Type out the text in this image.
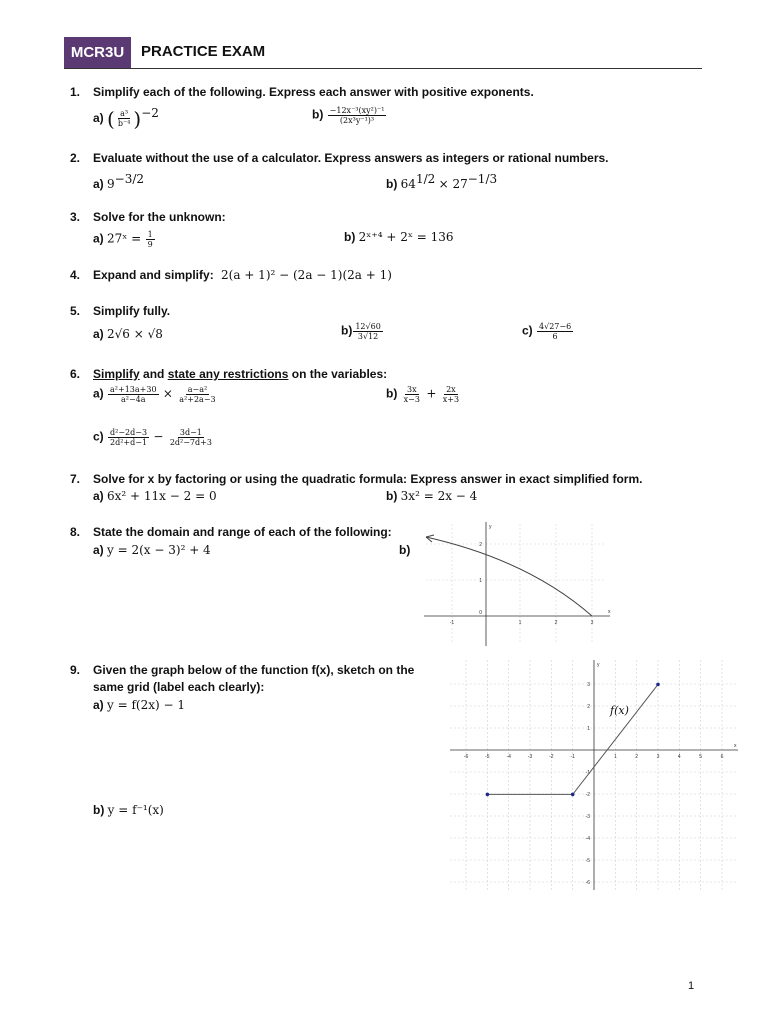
MCR3U	PRACTICE EXAM
1. Simplify each of the following. Express each answer with positive exponents.
a) ( $\frac{\text{a³}}{\text{b⁻⁴}} )^{-2}$	$b) \frac{\text{−12x⁻³(xy²)⁻¹}}{\text{(2x³y⁻¹)³}}$
2. Evaluate without the use of a calculator. Express answers as integers or rational numbers.
a) $9^{-3/2}$	b) $64^{1/2} \times 27^{-1/3}$
3. Solve for the unknown:
a) 27ˣ = $\frac{1}{9}$	b) 2ˣ⁺⁴ + 2ˣ = 136
4. Expand and simplify: 2(a + 1)² − (2a − 1)(2a + 1)
5. Simplify fully.
a) 2√6 × √8	$b) \frac{12√60}{3√12}$	$c) \frac{4√27-6}{6}$
6. Simplify and state any restrictions on the variables:
$a) \frac{\text{a²+13a+30}}{\text{a²−4a}} \times \frac{\text{a−a²}}{\text{a²+2a−3}}$	$b) \frac{3x}{x-3} + \frac{2x}{x+3}$
$c) \frac{\text{d²−2d−3}}{\text{2d²+d−1}} - \frac{3d-1}{\text{2d²−7d+3}}$
7. Solve for x by factoring or using the quadratic formula: Express answer in exact simplified form.
a) 6x² + 11x − 2 = 0	b) 3x² = 2x − 4
8. State the domain and range of each of the following:
a) y = 2(x − 3)² + 4	b)
-1	1	2	3
1
2
0	x
y
9. Given the graph below of the function f(x), sketch on the
same grid (label each clearly):
a) y = f(2x) − 1
b) y = f⁻¹(x)
-6	-5	-4	-3	-2	-1	1	2	3	4	5	6
3
2
1
-1
-2
-3
-4
-5
-6
x
y
f(x)
1
